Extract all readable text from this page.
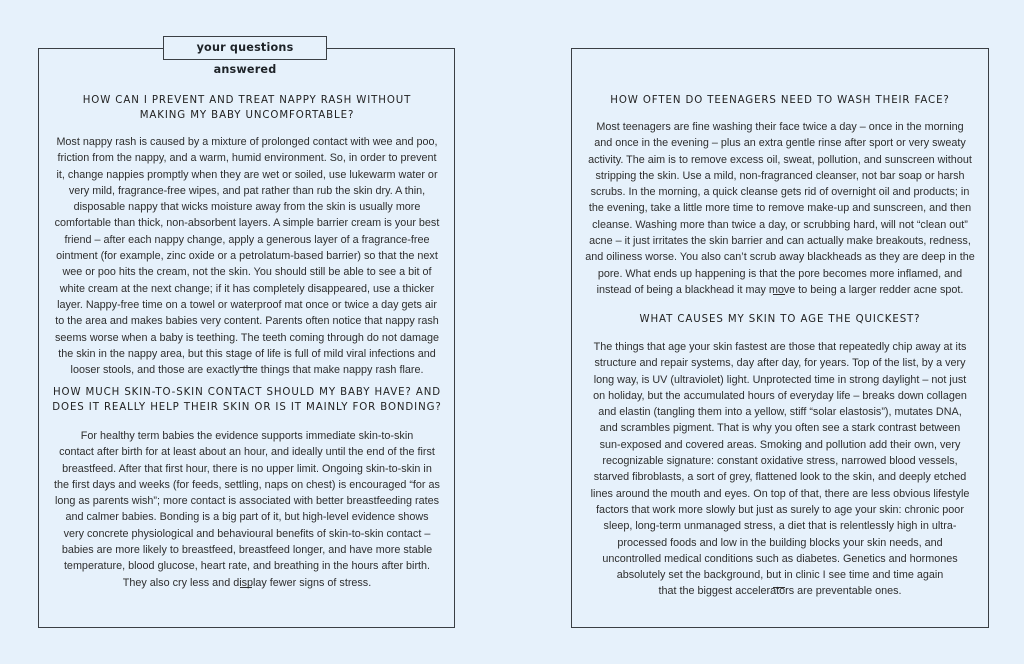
your questions answered
HOW CAN I PREVENT AND TREAT NAPPY RASH WITHOUT
MAKING MY BABY UNCOMFORTABLE?
Most nappy rash is caused by a mixture of prolonged contact with wee and poo,
friction from the nappy, and a warm, humid environment. So, in order to prevent
it, change nappies promptly when they are wet or soiled, use lukewarm water or
very mild, fragrance-free wipes, and pat rather than rub the skin dry. A thin,
disposable nappy that wicks moisture away from the skin is usually more
comfortable than thick, non-absorbent layers. A simple barrier cream is your best
friend – after each nappy change, apply a generous layer of a fragrance-free
ointment (for example, zinc oxide or a petrolatum-based barrier) so that the next
wee or poo hits the cream, not the skin. You should still be able to see a bit of
white cream at the next change; if it has completely disappeared, use a thicker
layer. Nappy-free time on a towel or waterproof mat once or twice a day gets air
to the area and makes babies very content. Parents often notice that nappy rash
seems worse when a baby is teething. The teeth coming through do not damage
the skin in the nappy area, but this stage of life is full of mild viral infections and
looser stools, and those are exactly the things that make nappy rash flare.
HOW MUCH SKIN-TO-SKIN CONTACT SHOULD MY BABY HAVE? AND
DOES IT REALLY HELP THEIR SKIN OR IS IT MAINLY FOR BONDING?
For healthy term babies the evidence supports immediate skin-to-skin
contact after birth for at least about an hour, and ideally until the end of the first
breastfeed. After that first hour, there is no upper limit. Ongoing skin-to-skin in
the first days and weeks (for feeds, settling, naps on chest) is encouraged “for as
long as parents wish”; more contact is associated with better breastfeeding rates
and calmer babies. Bonding is a big part of it, but high-level evidence shows
very concrete physiological and behavioural benefits of skin-to-skin contact –
babies are more likely to breastfeed, breastfeed longer, and have more stable
temperature, blood glucose, heart rate, and breathing in the hours after birth.
They also cry less and display fewer signs of stress.
HOW OFTEN DO TEENAGERS NEED TO WASH THEIR FACE?
Most teenagers are fine washing their face twice a day – once in the morning
and once in the evening – plus an extra gentle rinse after sport or very sweaty
activity. The aim is to remove excess oil, sweat, pollution, and sunscreen without
stripping the skin. Use a mild, non-fragranced cleanser, not bar soap or harsh
scrubs. In the morning, a quick cleanse gets rid of overnight oil and products; in
the evening, take a little more time to remove make-up and sunscreen, and then
cleanse. Washing more than twice a day, or scrubbing hard, will not “clean out”
acne – it just irritates the skin barrier and can actually make breakouts, redness,
and oiliness worse. You also can’t scrub away blackheads as they are deep in the
pore. What ends up happening is that the pore becomes more inflamed, and
instead of being a blackhead it may move to being a larger redder acne spot.
WHAT CAUSES MY SKIN TO AGE THE QUICKEST?
The things that age your skin fastest are those that repeatedly chip away at its
structure and repair systems, day after day, for years. Top of the list, by a very
long way, is UV (ultraviolet) light. Unprotected time in strong daylight – not just
on holiday, but the accumulated hours of everyday life – breaks down collagen
and elastin (tangling them into a yellow, stiff “solar elastosis”), mutates DNA,
and scrambles pigment. That is why you often see a stark contrast between
sun-exposed and covered areas. Smoking and pollution add their own, very
recognizable signature: constant oxidative stress, narrowed blood vessels,
starved fibroblasts, a sort of grey, flattened look to the skin, and deeply etched
lines around the mouth and eyes. On top of that, there are less obvious lifestyle
factors that work more slowly but just as surely to age your skin: chronic poor
sleep, long-term unmanaged stress, a diet that is relentlessly high in ultra-
processed foods and low in the building blocks your skin needs, and
uncontrolled medical conditions such as diabetes. Genetics and hormones
absolutely set the background, but in clinic I see time and time again
that the biggest accelerators are preventable ones.
